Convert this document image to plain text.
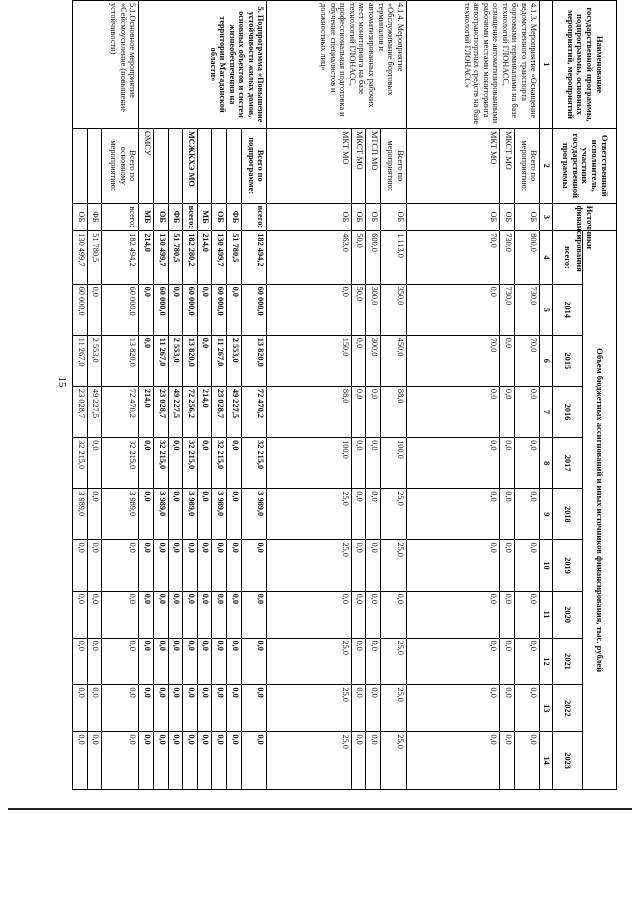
15
Наименование государственной программы, подпрограммы, основных мероприятий, мероприятий	Ответственный исполнитель, участник государственной программы	Источники финансирования	Объем бюджетных ассигнований и иных источников финансирования, тыс. рублей										
			всего:	2014	2015	2016	2017	2018	2019	2020	2021	2022	2023
1	2	3	4	5	6	7	8	9	10	11	12	13	14
4.1.3. Мероприятие «Оснащение ведомственного транспорта бортовыми терминалами на базе технологий ГЛОНАСС, оснащение автоматизированными рабочими местами мониторинга автотранспортных средств на базе технологий ГЛОНАСС»	Всего по мероприятию:	ОБ	800,0	730,0	70,0	0,0	0,0	0,0	0,0	0,0	0,0	0,0	0,0
	МКСТ МО	ОБ	730,0	730,0	0,0	0,0	0,0	0,0	0,0	0,0	0,0	0,0	0,0
	МКТ МО	ОБ	70,0	0,0	70,0	0,0	0,0	0,0	0,0	0,0	0,0	0,0	0,0
4.1.4. Мероприятие «Обслуживание бортовых терминалов и автоматизированных рабочих мест мониторинга на базе технологий ГЛОНАСС, профессиональная подготовка и обучение специалистов и должностных лиц»	Всего по мероприятию:	ОБ	1 113,0	350,0	450,0	88,0	100,0	25,0	25,0	0,0	25,0	25,0	25,0
	МТСП МО	ОБ	600,0	300,0	300,0	0,0	0,0	0,0	0,0	0,0	0,0	0,0	0,0
	МКСТ МО	ОБ	50,0	50,0	0,0	0,0	0,0	0,0	0,0	0,0	0,0	0,0	0,0
	МКТ МО	ОБ	463,0	0,0	150,0	88,0	100,0	25,0	25,0	0,0	25,0	25,0	25,0
5. Подпрограмма «Повышение устойчивости жилых домов, основных объектов и систем жизнеобеспечения на территории Магаданской области»	Всего по подпрограмме:	всего:	182 494,2	60 000,0	13 820,0	72 470,2	32 215,0	3 989,0	0,0	0,0	0,0	0,0	0,0
		ФБ	51 780,5	0,0	2 553,0	49 227,5	0,0	0,0	0,0	0,0	0,0	0,0	0,0
		ОБ	130 499,7	60 000,0	11 267,0	23 028,7	32 215,0	3 989,0	0,0	0,0	0,0	0,0	0,0
		МБ	214,0	0,0	0,0	214,0	0,0	0,0	0,0	0,0	0,0	0,0	0,0
	МСЖКХЭ МО	всего:	182 280,2	60 000,0	13 820,0	72 256,2	32 215,0	3 989,0	0,0	0,0	0,0	0,0	0,0
		ФБ	51 780,5	0,0	2 553,0	49 227,5	0,0	0,0	0,0	0,0	0,0	0,0	0,0
		ОБ	130 499,7	60 000,0	11 267,0	23 028,7	32 215,0	3 989,0	0,0	0,0	0,0	0,0	0,0
	ОМСУ	МБ	214,0	0,0	0,0	214,0	0,0	0,0	0,0	0,0	0,0	0,0	0,0
5.1.Основное мероприятие «Сейсмоусиление (повышение устойчивости)	Всего по основному мероприятию:	всего:	182 494,2	60 000,0	13 820,0	72 470,2	32 215,0	3 989,0	0,0	0,0	0,0	0,0	0,0
		ФБ	51 780,5	0,0	2 553,0	49 227,5	0,0	0,0	0,0	0,0	0,0	0,0	0,0
		ОБ	130 499,7	60 000,0	11 267,0	23 028,7	32 215,0	3 989,0	0,0	0,0	0,0	0,0	0,0
